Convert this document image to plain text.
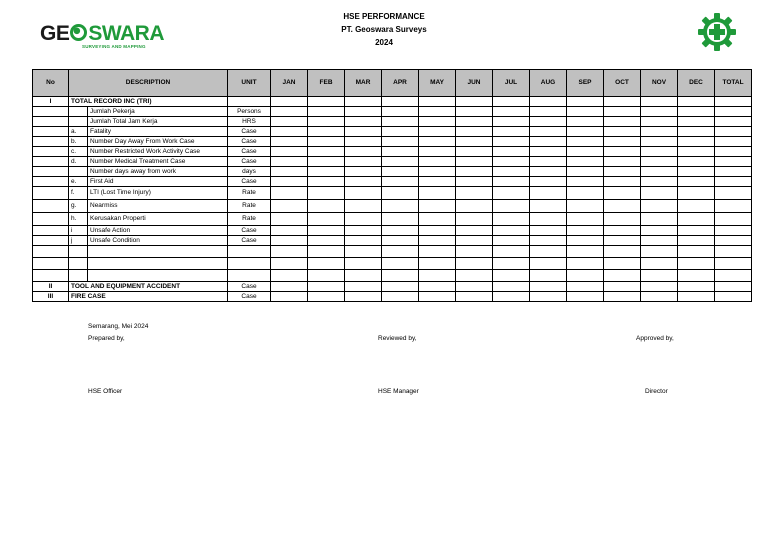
GE SWARA
SURVEYING AND MAPPING
HSE PERFORMANCE
PT. Geoswara Surveys
2024
No	DESCRIPTION		UNIT	JAN	FEB	MAR	APR	MAY	JUN	JUL	AUG	SEP	OCT	NOV	DEC	TOTAL
I	TOTAL RECORD INC (TRI)															
		Jumlah Pekerja	Persons													
		Jumlah Total Jam Kerja	HRS													
	a.	Fatality	Case													
	b.	Number Day Away From Work Case	Case													
	c.	Number Restricted Work Activity Case	Case													
	d.	Number Medical Treatment Case	Case													
		Number days away from work	days													
	e.	First Aid	Case													
	f.	LTI (Lost Time Injury)	Rate													
	g.	Nearmiss	Rate													
	h.	Kerusakan Properti	Rate													
	i	Unsafe Action	Case													
	j	Unsafe Condition	Case													

II	TOOL AND EQUIPMENT ACCIDENT		Case													
III	FIRE CASE		Case													
Semarang, Mei 2024
Prepared by,	Reviewed by,	Approved by,
HSE Officer	HSE Manager	Director
